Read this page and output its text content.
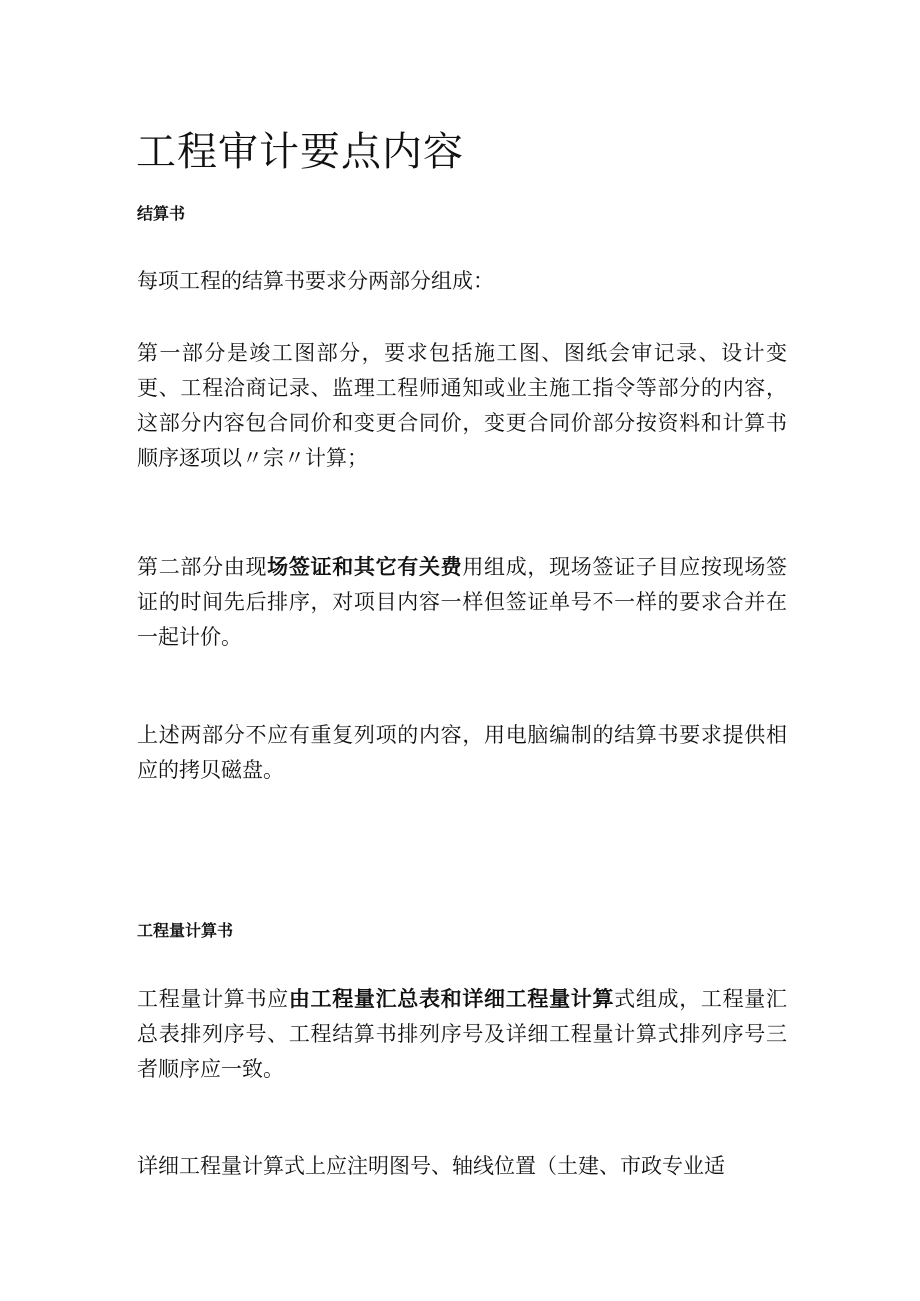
工程审计要点内容
结算书

每项工程的结算书要求分两部分组成：

第一部分是竣工图部分，要求包括施工图、图纸会审记录、设计变更、工程洽商记录、监理工程师通知或业主施工指令等部分的内容，这部分内容包合同价和变更合同价，变更合同价部分按资料和计算书顺序逐项以〃宗〃计算；

第二部分由现场签证和其它有关费用组成，现场签证子目应按现场签证的时间先后排序，对项目内容一样但签证单号不一样的要求合并在一起计价。

上述两部分不应有重复列项的内容，用电脑编制的结算书要求提供相应的拷贝磁盘。

工程量计算书

工程量计算书应由工程量汇总表和详细工程量计算式组成，工程量汇总表排列序号、工程结算书排列序号及详细工程量计算式排列序号三者顺序应一致。

详细工程量计算式上应注明图号、轴线位置（土建、市政专业适
